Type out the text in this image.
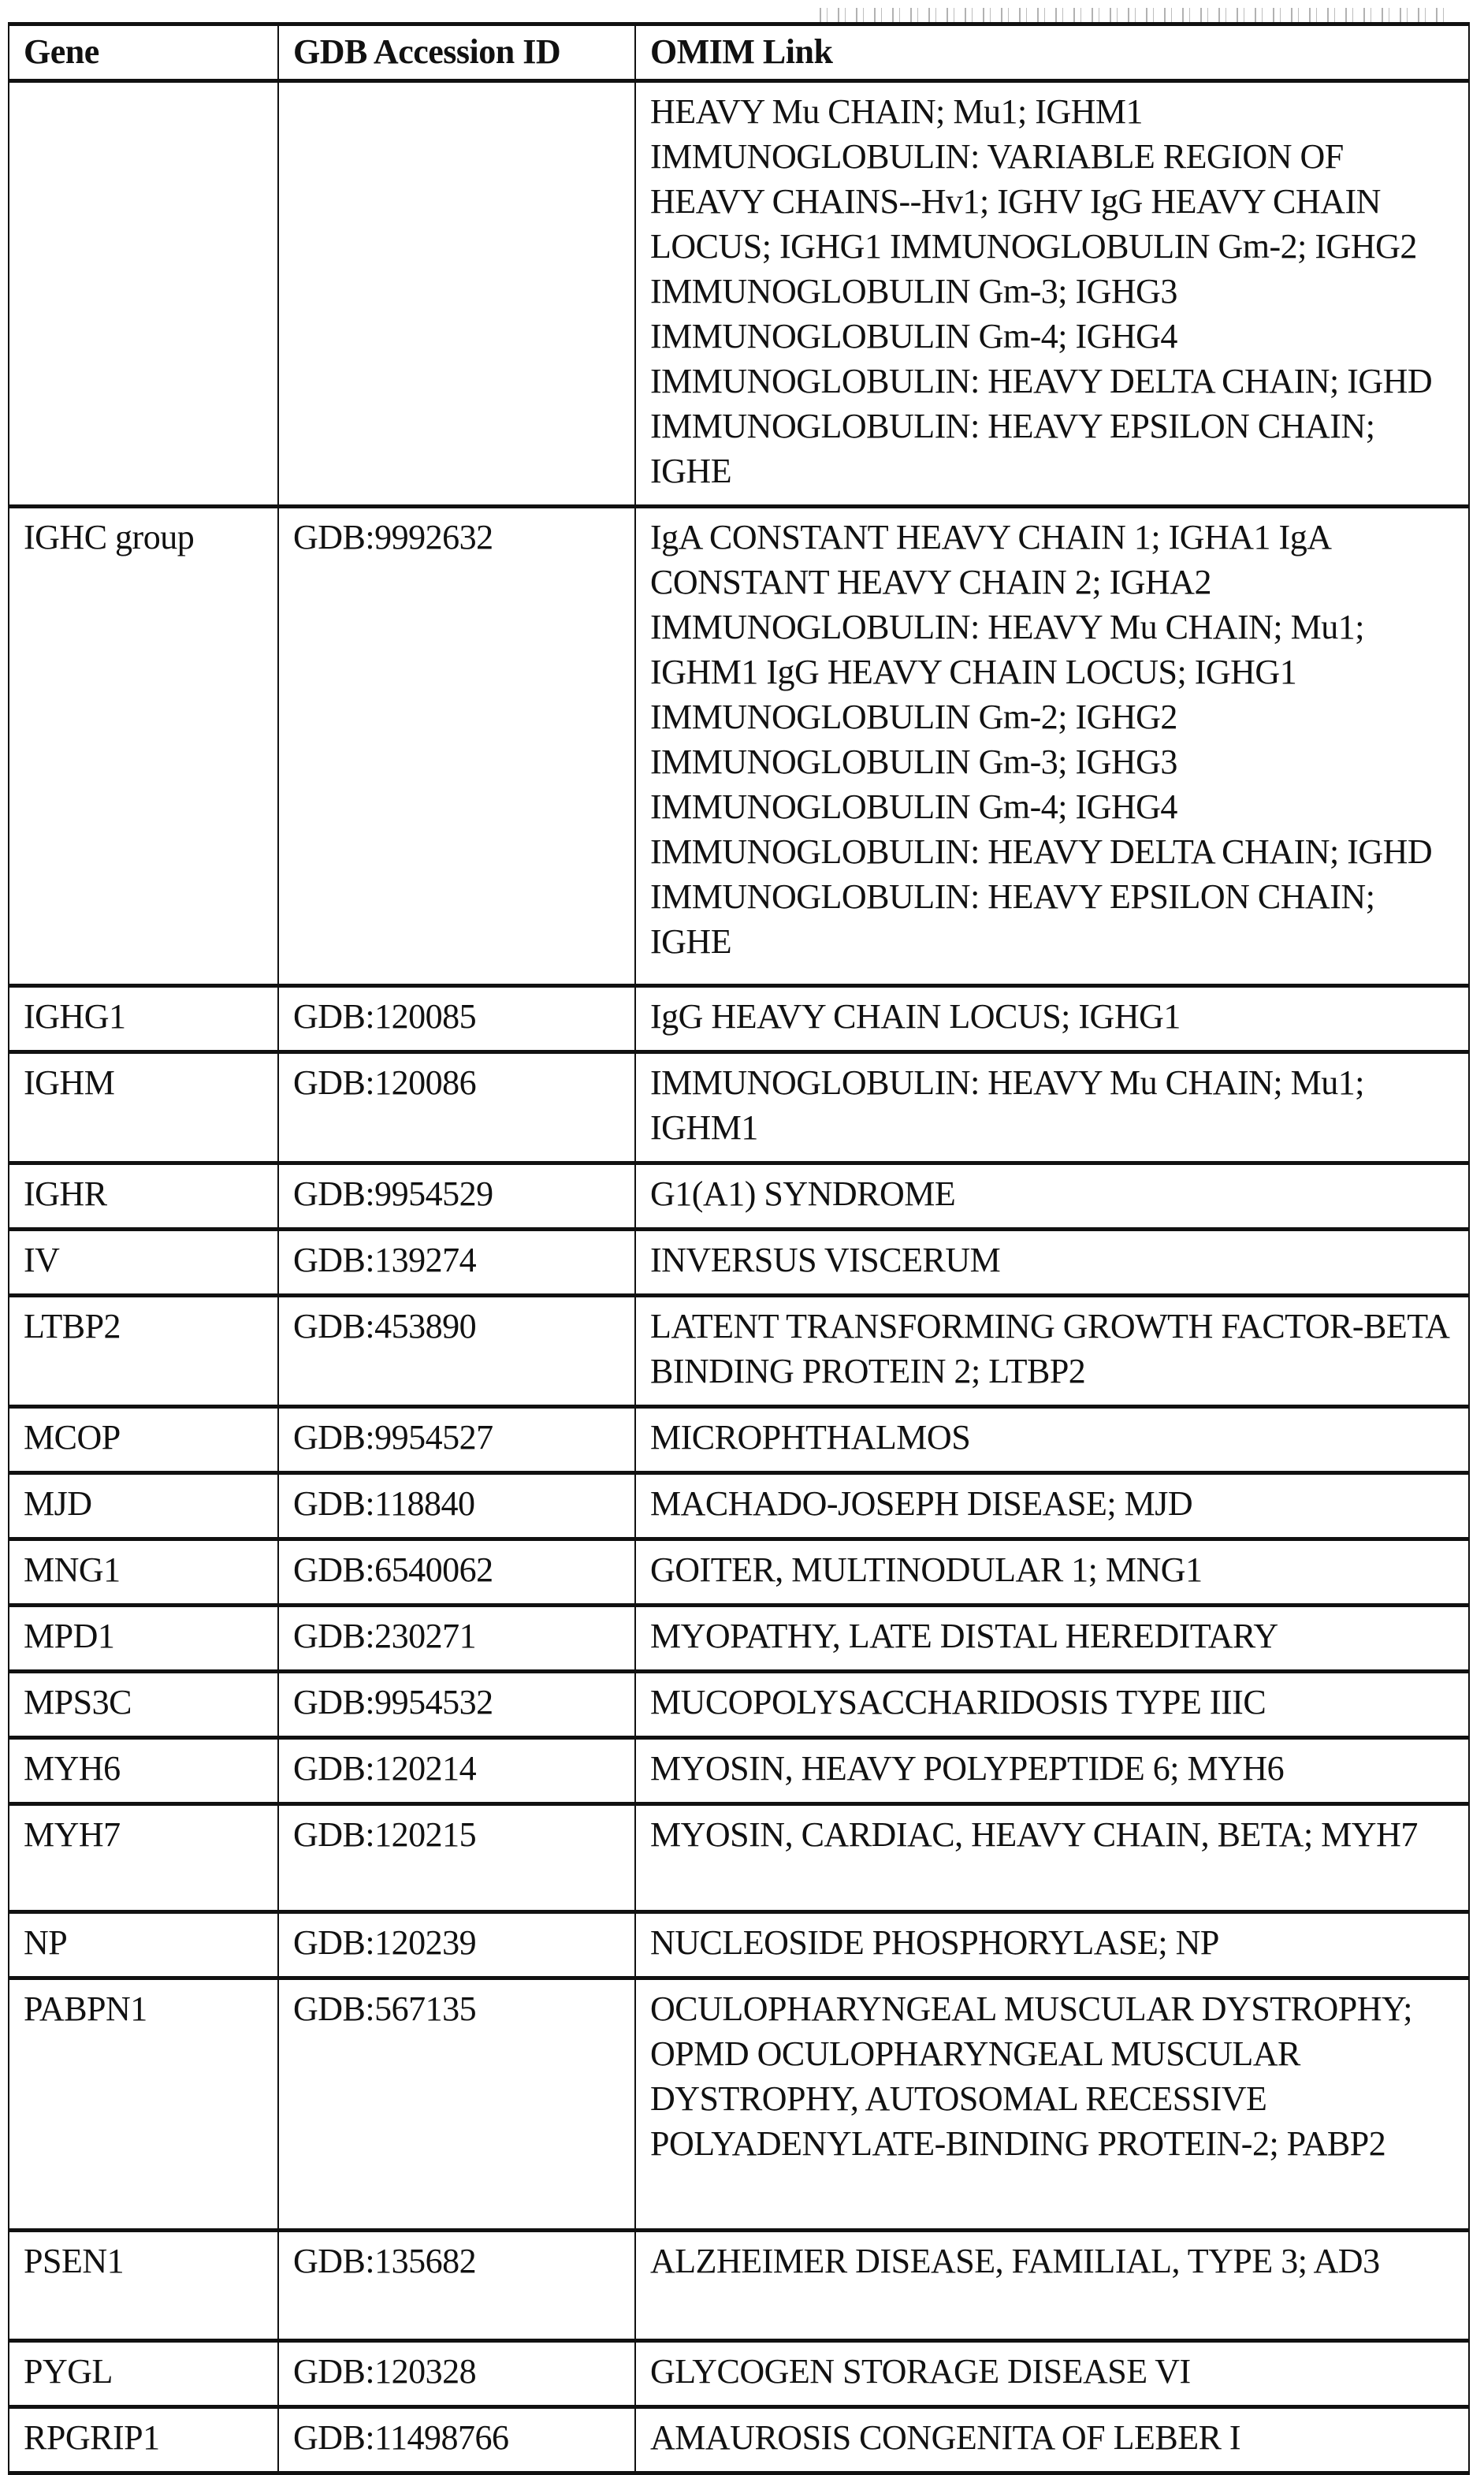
Gene	GDB Accession ID	OMIM Link
		HEAVY Mu CHAIN; Mu1; IGHM1 IMMUNOGLOBULIN: VARIABLE REGION OF HEAVY CHAINS--Hv1; IGHV IgG HEAVY CHAIN LOCUS; IGHG1 IMMUNOGLOBULIN Gm-2; IGHG2 IMMUNOGLOBULIN Gm-3; IGHG3 IMMUNOGLOBULIN Gm-4; IGHG4 IMMUNOGLOBULIN: HEAVY DELTA CHAIN; IGHD IMMUNOGLOBULIN: HEAVY EPSILON CHAIN; IGHE
IGHC group	GDB:9992632	IgA CONSTANT HEAVY CHAIN 1; IGHA1 IgA CONSTANT HEAVY CHAIN 2; IGHA2 IMMUNOGLOBULIN: HEAVY Mu CHAIN; Mu1; IGHM1 IgG HEAVY CHAIN LOCUS; IGHG1 IMMUNOGLOBULIN Gm-2; IGHG2 IMMUNOGLOBULIN Gm-3; IGHG3 IMMUNOGLOBULIN Gm-4; IGHG4 IMMUNOGLOBULIN: HEAVY DELTA CHAIN; IGHD IMMUNOGLOBULIN: HEAVY EPSILON CHAIN; IGHE
IGHG1	GDB:120085	IgG HEAVY CHAIN LOCUS; IGHG1
IGHM	GDB:120086	IMMUNOGLOBULIN: HEAVY Mu CHAIN; Mu1; IGHM1
IGHR	GDB:9954529	G1(A1) SYNDROME
IV	GDB:139274	INVERSUS VISCERUM
LTBP2	GDB:453890	LATENT TRANSFORMING GROWTH FACTOR-BETA BINDING PROTEIN 2; LTBP2
MCOP	GDB:9954527	MICROPHTHALMOS
MJD	GDB:118840	MACHADO-JOSEPH DISEASE; MJD
MNG1	GDB:6540062	GOITER, MULTINODULAR 1; MNG1
MPD1	GDB:230271	MYOPATHY, LATE DISTAL HEREDITARY
MPS3C	GDB:9954532	MUCOPOLYSACCHARIDOSIS TYPE IIIC
MYH6	GDB:120214	MYOSIN, HEAVY POLYPEPTIDE 6; MYH6
MYH7	GDB:120215	MYOSIN, CARDIAC, HEAVY CHAIN, BETA; MYH7
NP	GDB:120239	NUCLEOSIDE PHOSPHORYLASE; NP
PABPN1	GDB:567135	OCULOPHARYNGEAL MUSCULAR DYSTROPHY; OPMD OCULOPHARYNGEAL MUSCULAR DYSTROPHY, AUTOSOMAL RECESSIVE POLYADENYLATE-BINDING PROTEIN-2; PABP2
PSEN1	GDB:135682	ALZHEIMER DISEASE, FAMILIAL, TYPE 3; AD3
PYGL	GDB:120328	GLYCOGEN STORAGE DISEASE VI
RPGRIP1	GDB:11498766	AMAUROSIS CONGENITA OF LEBER I
